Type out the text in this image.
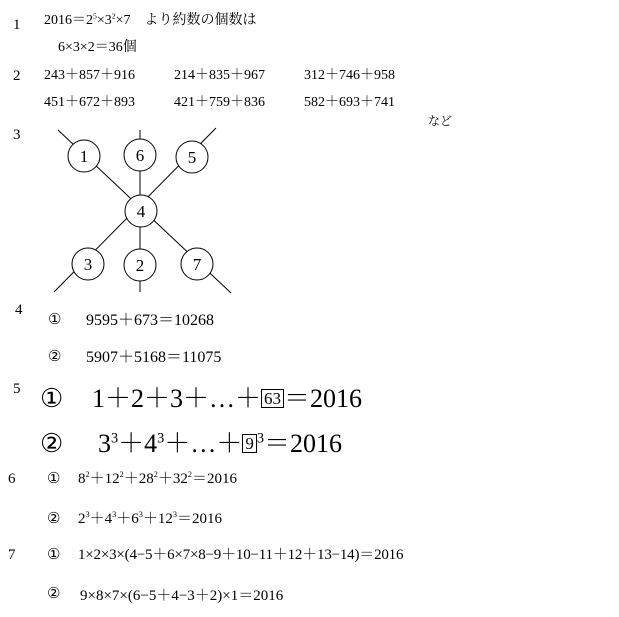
1 $2016=2^5\times 3^2\times 7$　より約数の個数は
6×3×2＝36個
2 243＋857＋916	214＋835＋967	312＋746＋958
451＋672＋893	421＋759＋836	582＋693＋741
など
3
1	6	5
4
3	2	7
4
① 9595＋673＝10268
② 5907＋5168＝11075
5 ① 1＋2＋3＋…＋ 63 ＝2016
② $3^3+4^3+\dots+ 9$ $^3$＝2016
6 ① $8^2+12^2+28^2+32^2=2016$
② $2^3+4^3+6^3+12^3=2016$
7 ① 1×2×3×(4−5＋6×7×8−9＋10−11＋12＋13−14)＝2016
② 9×8×7×(6−5＋4−3＋2)×1＝2016
